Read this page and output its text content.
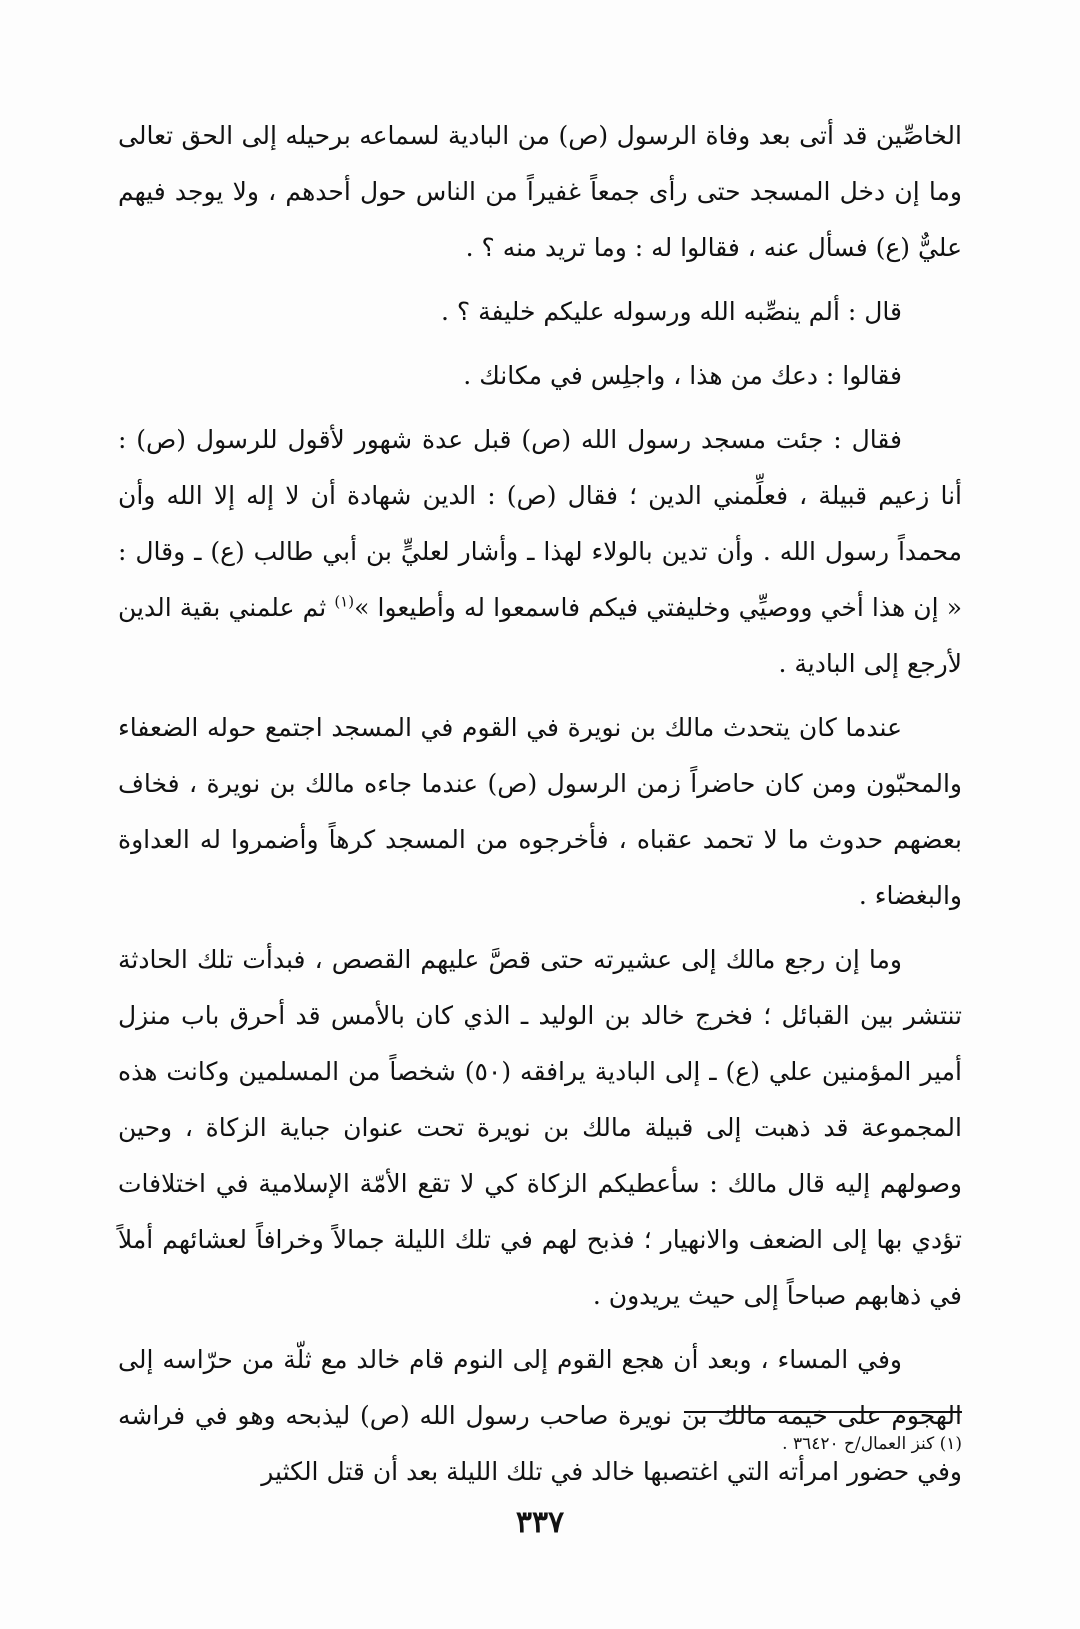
الخاصِّين قد أتى بعد وفاة الرسول (ص) من البادية لسماعه برحيله إلى الحق تعالى وما إن دخل المسجد حتى رأى جمعاً غفيراً من الناس حول أحدهم ، ولا يوجد فيهم عليٌّ (ع) فسأل عنه ، فقالوا له : وما تريد منه ؟ .

قال : ألم ينصِّبه الله ورسوله عليكم خليفة ؟ .

فقالوا : دعك من هذا ، واجلِس في مكانك .

فقال : جئت مسجد رسول الله (ص) قبل عدة شهور لأقول للرسول (ص) : أنا زعيم قبيلة ، فعلِّمني الدين ؛ فقال (ص) : الدين شهادة أن لا إله إلا الله وأن محمداً رسول الله . وأن تدين بالولاء لهذا ـ وأشار لعليٍّ بن أبي طالب (ع) ـ وقال : « إن هذا أخي ووصيِّي وخليفتي فيكم فاسمعوا له وأطيعوا »$^{(١)}$ ثم علمني بقية الدين لأرجع إلى البادية .

عندما كان يتحدث مالك بن نويرة في القوم في المسجد اجتمع حوله الضعفاء والمحبّون ومن كان حاضراً زمن الرسول (ص) عندما جاءه مالك بن نويرة ، فخاف بعضهم حدوث ما لا تحمد عقباه ، فأخرجوه من المسجد كرهاً وأضمروا له العداوة والبغضاء .

وما إن رجع مالك إلى عشيرته حتى قصَّ عليهم القصص ، فبدأت تلك الحادثة تنتشر بين القبائل ؛ فخرج خالد بن الوليد ـ الذي كان بالأمس قد أحرق باب منزل أمير المؤمنين علي (ع) ـ إلى البادية يرافقه (٥٠) شخصاً من المسلمين وكانت هذه المجموعة قد ذهبت إلى قبيلة مالك بن نويرة تحت عنوان جباية الزكاة ، وحين وصولهم إليه قال مالك : سأعطيكم الزكاة كي لا تقع الأمّة الإسلامية في اختلافات تؤدي بها إلى الضعف والانهيار ؛ فذبح لهم في تلك الليلة جمالاً وخرافاً لعشائهم أملاً في ذهابهم صباحاً إلى حيث يريدون .

وفي المساء ، وبعد أن هجع القوم إلى النوم قام خالد مع ثلّة من حرّاسه إلى الهجوم على خيمة مالك بن نويرة صاحب رسول الله (ص) ليذبحه وهو في فراشه وفي حضور امرأته التي اغتصبها خالد في تلك الليلة بعد أن قتل الكثير

(١) كنز العمال/ح ٣٦٤٢٠ .
٣٣٧
